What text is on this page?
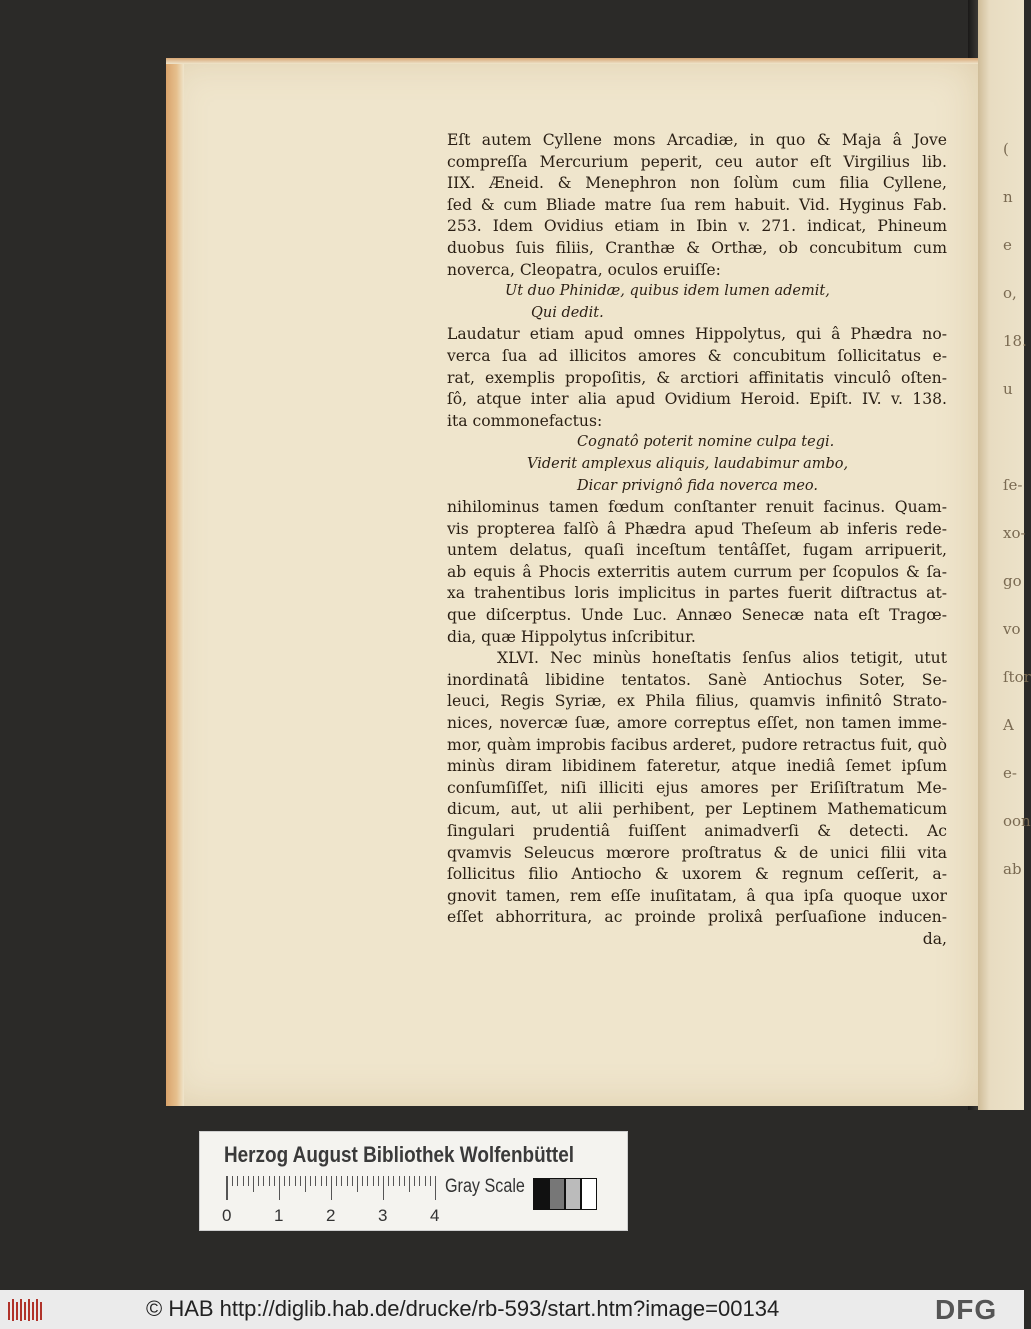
(
n
e
o,
18.
u
ſe-
xo-
go
vo
ſtor
A
e-
oon
ab
Eſt autem Cyllene mons Arcadiæ, in quo & Maja â Jove
compreſſa Mercurium peperit, ceu autor eſt Virgilius lib.
IIX. Æneid. & Menephron non ſolùm cum filia Cyllene,
ſed & cum Bliade matre ſua rem habuit. Vid. Hyginus Fab.
253. Idem Ovidius etiam in Ibin v. 271. indicat, Phineum
duobus ſuis filiis, Cranthæ & Orthæ, ob concubitum cum
noverca, Cleopatra, oculos eruiſſe:
Ut duo Phinidæ, quibus idem lumen ademit,
Qui dedit.
Laudatur etiam apud omnes Hippolytus, qui â Phædra no-
verca ſua ad illicitos amores & concubitum ſollicitatus e-
rat, exemplis propoſitis, & arctiori affinitatis vinculô oſten-
ſô, atque inter alia apud Ovidium Heroid. Epiſt. IV. v. 138.
ita commonefactus:
Cognatô poterit nomine culpa tegi.
Viderit amplexus aliquis, laudabimur ambo,
Dicar privignô fida noverca meo.
nihilominus tamen fœdum conſtanter renuit facinus. Quam-
vis propterea falſò â Phædra apud Theſeum ab inferis rede-
untem delatus, quaſi inceſtum tentâſſet, fugam arripuerit,
ab equis â Phocis exterritis autem currum per ſcopulos & ſa-
xa trahentibus loris implicitus in partes fuerit diſtractus at-
que diſcerptus. Unde Luc. Annæo Senecæ nata eſt Tragœ-
dia, quæ Hippolytus inſcribitur.
XLVI. Nec minùs honeſtatis ſenſus alios tetigit, utut
inordinatâ libidine tentatos. Sanè Antiochus Soter, Se-
leuci, Regis Syriæ, ex Phila filius, quamvis infinitô Strato-
nices, novercæ ſuæ, amore correptus eſſet, non tamen imme-
mor, quàm improbis facibus arderet, pudore retractus fuit, quò
minùs diram libidinem fateretur, atque inediâ ſemet ipſum
conſumſiſſet, niſi illiciti ejus amores per Eriſiſtratum Me-
dicum, aut, ut alii perhibent, per Leptinem Mathematicum
ſingulari prudentiâ fuiſſent animadverſi & detecti. Ac
qvamvis Seleucus mœrore proſtratus & de unici filii vita
ſollicitus filio Antiocho & uxorem & regnum ceſſerit, a-
gnovit tamen, rem eſſe inuſitatam, â qua ipſa quoque uxor
eſſet abhorritura, ac proinde prolixâ perſuaſione inducen-
da,
Herzog August Bibliothek Wolfenbüttel
0	1	2	3	4
Gray Scale
© HAB http://diglib.hab.de/drucke/rb-593/start.htm?image=00134	DFG
